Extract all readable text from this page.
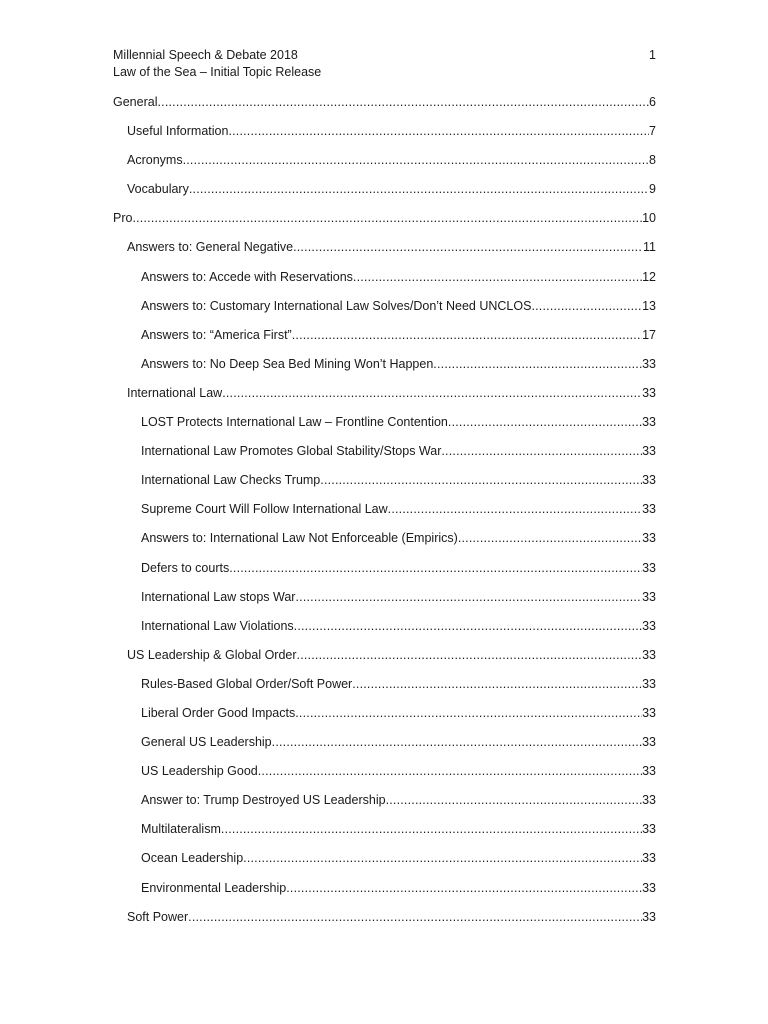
Millennial Speech & Debate 2018	1
Law of the Sea – Initial Topic Release
General .....	6
Useful Information .....	7
Acronyms .....	8
Vocabulary .....	9
Pro .....	10
Answers to: General Negative .....	11
Answers to: Accede with Reservations .....	12
Answers to: Customary International Law Solves/Don’t Need UNCLOS .....	13
Answers to: “America First” .....	17
Answers to: No Deep Sea Bed Mining Won’t Happen .....	33
International Law .....	33
LOST Protects International Law – Frontline Contention .....	33
International Law Promotes Global Stability/Stops War .....	33
International Law Checks Trump .....	33
Supreme Court Will Follow International Law .....	33
Answers to: International Law Not Enforceable (Empirics) .....	33
Defers to courts .....	33
International Law stops War .....	33
International Law Violations .....	33
US Leadership & Global Order .....	33
Rules-Based Global Order/Soft Power .....	33
Liberal Order Good Impacts .....	33
General US Leadership .....	33
US Leadership Good .....	33
Answer to: Trump Destroyed US Leadership .....	33
Multilateralism .....	33
Ocean Leadership .....	33
Environmental Leadership .....	33
Soft Power .....	33
